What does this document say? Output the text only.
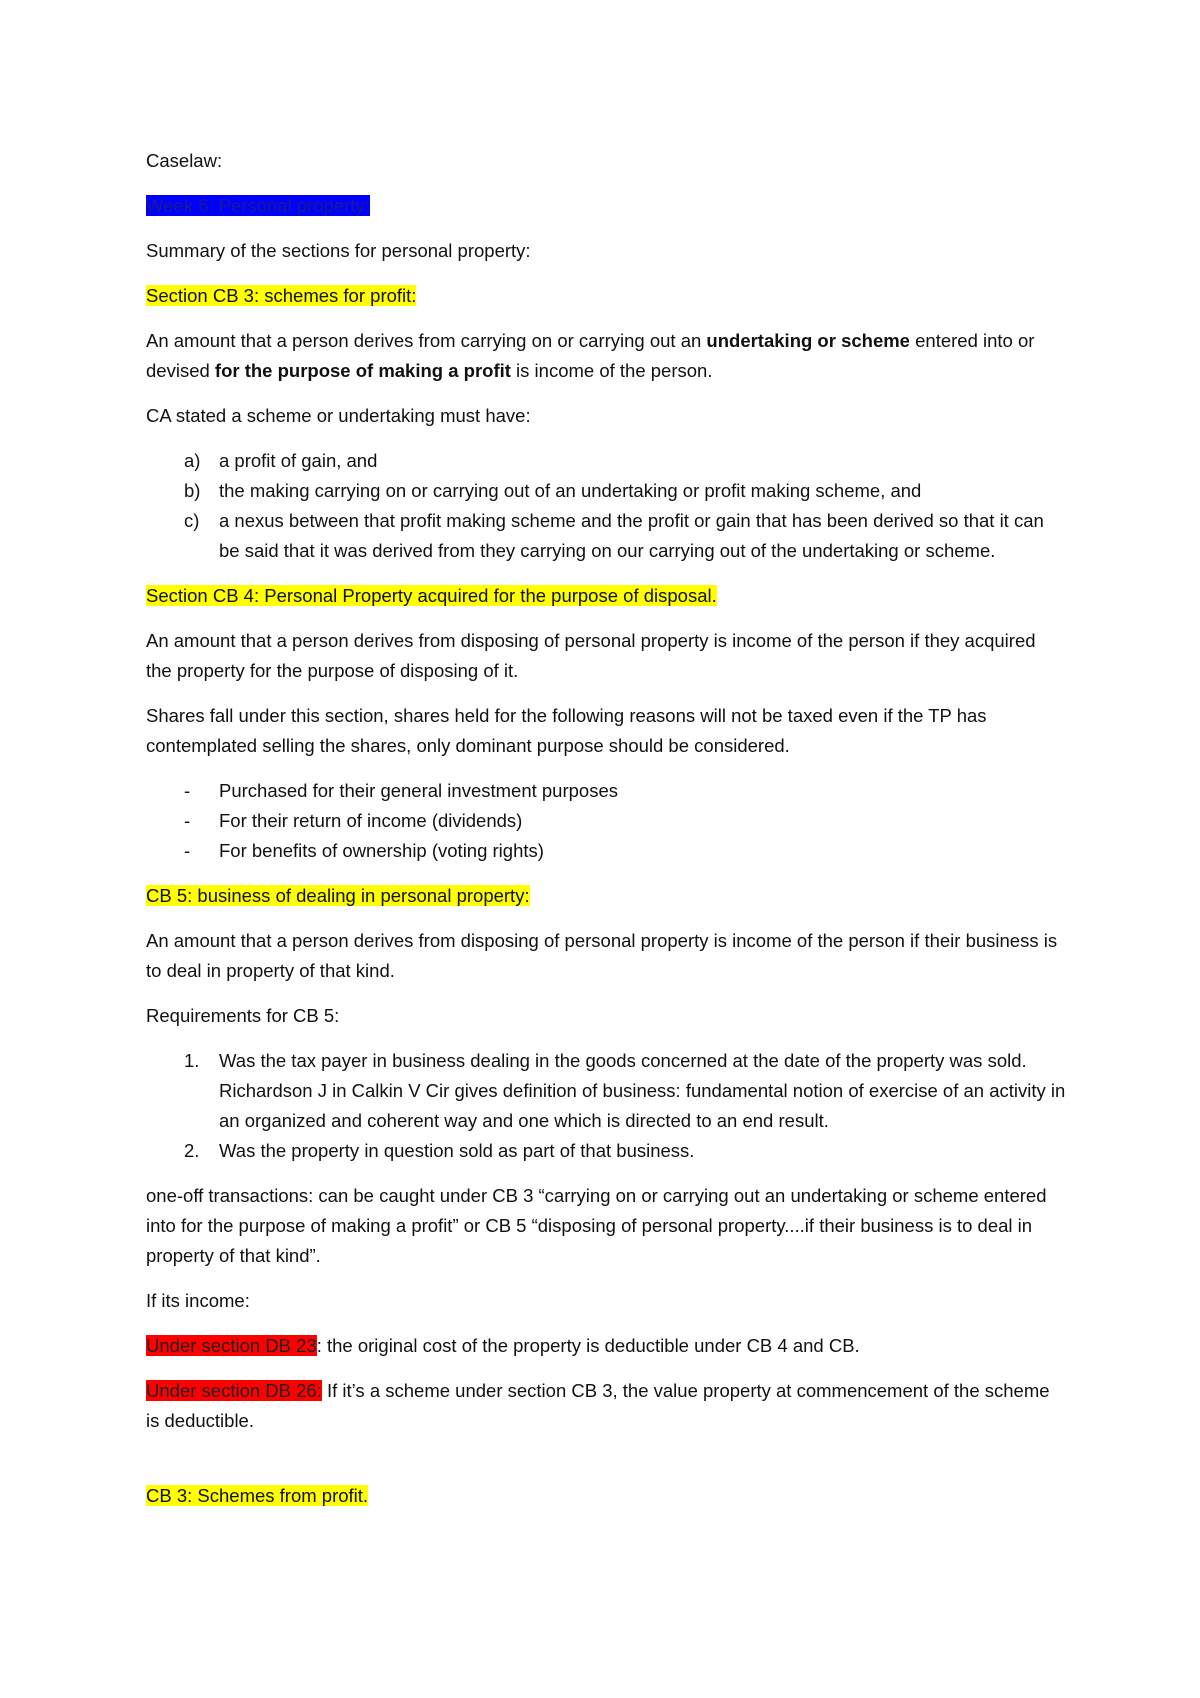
Caselaw:

Week 6: Personal property:

Summary of the sections for personal property:

Section CB 3: schemes for profit:

An amount that a person derives from carrying on or carrying out an undertaking or scheme entered into or devised for the purpose of making a profit is income of the person.

CA stated a scheme or undertaking must have:

a) a profit of gain, and
b) the making carrying on or carrying out of an undertaking or profit making scheme, and
c) a nexus between that profit making scheme and the profit or gain that has been derived so that it can be said that it was derived from they carrying on our carrying out of the undertaking or scheme.

Section CB 4: Personal Property acquired for the purpose of disposal.

An amount that a person derives from disposing of personal property is income of the person if they acquired the property for the purpose of disposing of it.

Shares fall under this section, shares held for the following reasons will not be taxed even if the TP has contemplated selling the shares, only dominant purpose should be considered.

- Purchased for their general investment purposes
- For their return of income (dividends)
- For benefits of ownership (voting rights)

CB 5: business of dealing in personal property:

An amount that a person derives from disposing of personal property is income of the person if their business is to deal in property of that kind.

Requirements for CB 5:

1. Was the tax payer in business dealing in the goods concerned at the date of the property was sold. Richardson J in Calkin V Cir gives definition of business: fundamental notion of exercise of an activity in an organized and coherent way and one which is directed to an end result.
2. Was the property in question sold as part of that business.

one-off transactions: can be caught under CB 3 “carrying on or carrying out an undertaking or scheme entered into for the purpose of making a profit” or CB 5 “disposing of personal property....if their business is to deal in property of that kind”.

If its income:

Under section DB 23: the original cost of the property is deductible under CB 4 and CB.

Under section DB 26: If it’s a scheme under section CB 3, the value property at commencement of the scheme is deductible.

CB 3: Schemes from profit.
